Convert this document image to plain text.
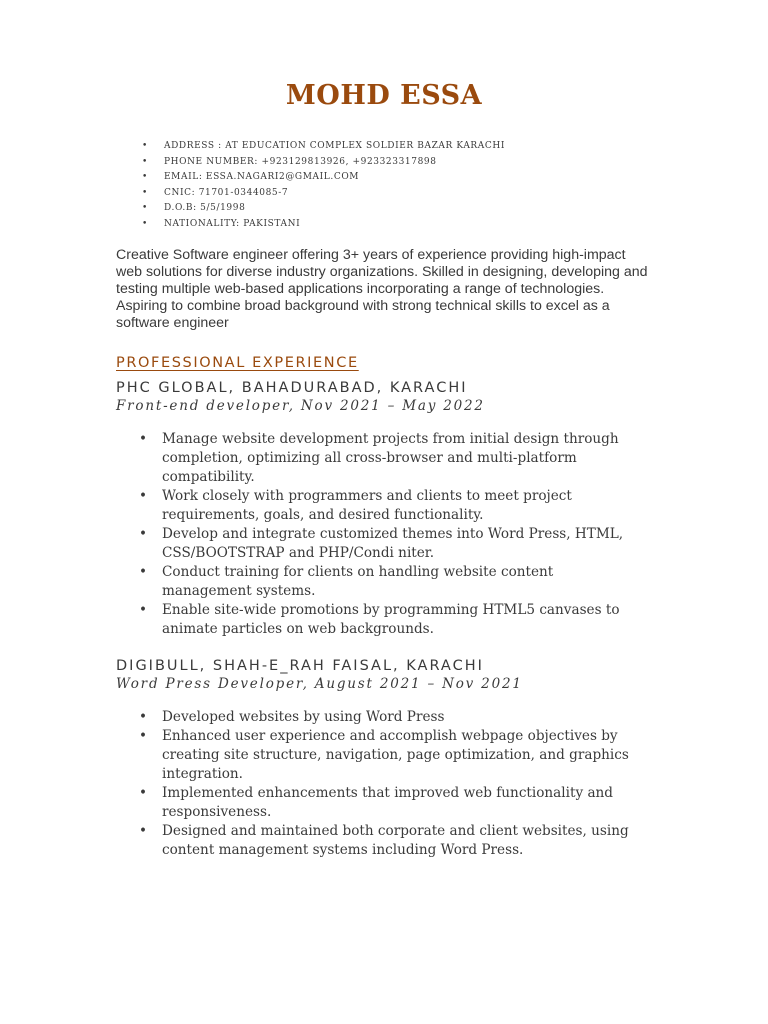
MOHD ESSA
• ADDRESS : AT EDUCATION COMPLEX SOLDIER BAZAR KARACHI
• PHONE NUMBER: +923129813926, +923323317898
• EMAIL: ESSA.NAGARI2@GMAIL.COM
• CNIC: 71701-0344085-7
• D.O.B: 5/5/1998
• NATIONALITY: PAKISTANI

Creative Software engineer offering 3+ years of experience providing high-impact web solutions for diverse industry organizations. Skilled in designing, developing and testing multiple web-based applications incorporating a range of technologies. Aspiring to combine broad background with strong technical skills to excel as a software engineer

PROFESSIONAL EXPERIENCE
PHC GLOBAL, BAHADURABAD, KARACHI
Front-end developer, Nov 2021 – May 2022
• Manage website development projects from initial design through completion, optimizing all cross-browser and multi-platform compatibility.
• Work closely with programmers and clients to meet project requirements, goals, and desired functionality.
• Develop and integrate customized themes into Word Press, HTML, CSS/BOOTSTRAP and PHP/Condi niter.
• Conduct training for clients on handling website content management systems.
• Enable site-wide promotions by programming HTML5 canvases to animate particles on web backgrounds.
DIGIBULL, SHAH-E_RAH FAISAL, KARACHI
Word Press Developer, August 2021 – Nov 2021
• Developed websites by using Word Press
• Enhanced user experience and accomplish webpage objectives by creating site structure, navigation, page optimization, and graphics integration.
• Implemented enhancements that improved web functionality and responsiveness.
• Designed and maintained both corporate and client websites, using content management systems including Word Press.
